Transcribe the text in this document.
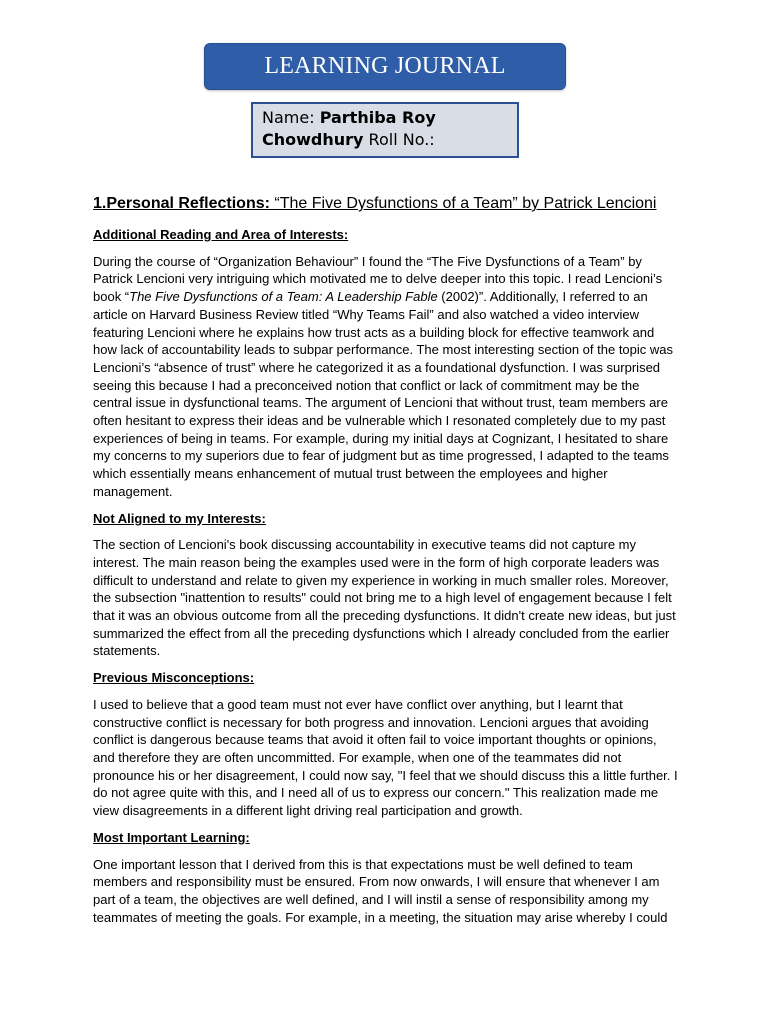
LEARNING JOURNAL
Name: Parthiba Roy
Chowdhury Roll No.:
1.Personal Reflections: “The Five Dysfunctions of a Team” by Patrick Lencioni
Additional Reading and Area of Interests:

During the course of “Organization Behaviour” I found the “The Five Dysfunctions of a Team” by Patrick Lencioni very intriguing which motivated me to delve deeper into this topic. I read Lencioni’s book “The Five Dysfunctions of a Team: A Leadership Fable (2002)”. Additionally, I referred to an article on Harvard Business Review titled “Why Teams Fail” and also watched a video interview featuring Lencioni where he explains how trust acts as a building block for effective teamwork and how lack of accountability leads to subpar performance. The most interesting section of the topic was Lencioni’s “absence of trust” where he categorized it as a foundational dysfunction. I was surprised seeing this because I had a preconceived notion that conflict or lack of commitment may be the central issue in dysfunctional teams. The argument of Lencioni that without trust, team members are often hesitant to express their ideas and be vulnerable which I resonated completely due to my past experiences of being in teams. For example, during my initial days at Cognizant, I hesitated to share my concerns to my superiors due to fear of judgment but as time progressed, I adapted to the teams which essentially means enhancement of mutual trust between the employees and higher management.

Not Aligned to my Interests:

The section of Lencioni's book discussing accountability in executive teams did not capture my interest. The main reason being the examples used were in the form of high corporate leaders was difficult to understand and relate to given my experience in working in much smaller roles. Moreover, the subsection "inattention to results" could not bring me to a high level of engagement because I felt that it was an obvious outcome from all the preceding dysfunctions. It didn't create new ideas, but just summarized the effect from all the preceding dysfunctions which I already concluded from the earlier statements.

Previous Misconceptions:

I used to believe that a good team must not ever have conflict over anything, but I learnt that constructive conflict is necessary for both progress and innovation. Lencioni argues that avoiding conflict is dangerous because teams that avoid it often fail to voice important thoughts or opinions, and therefore they are often uncommitted. For example, when one of the teammates did not pronounce his or her disagreement, I could now say, "I feel that we should discuss this a little further. I do not agree quite with this, and I need all of us to express our concern." This realization made me view disagreements in a different light driving real participation and growth.

Most Important Learning:

One important lesson that I derived from this is that expectations must be well defined to team members and responsibility must be ensured. From now onwards, I will ensure that whenever I am part of a team, the objectives are well defined, and I will instil a sense of responsibility among my teammates of meeting the goals. For example, in a meeting, the situation may arise whereby I could
